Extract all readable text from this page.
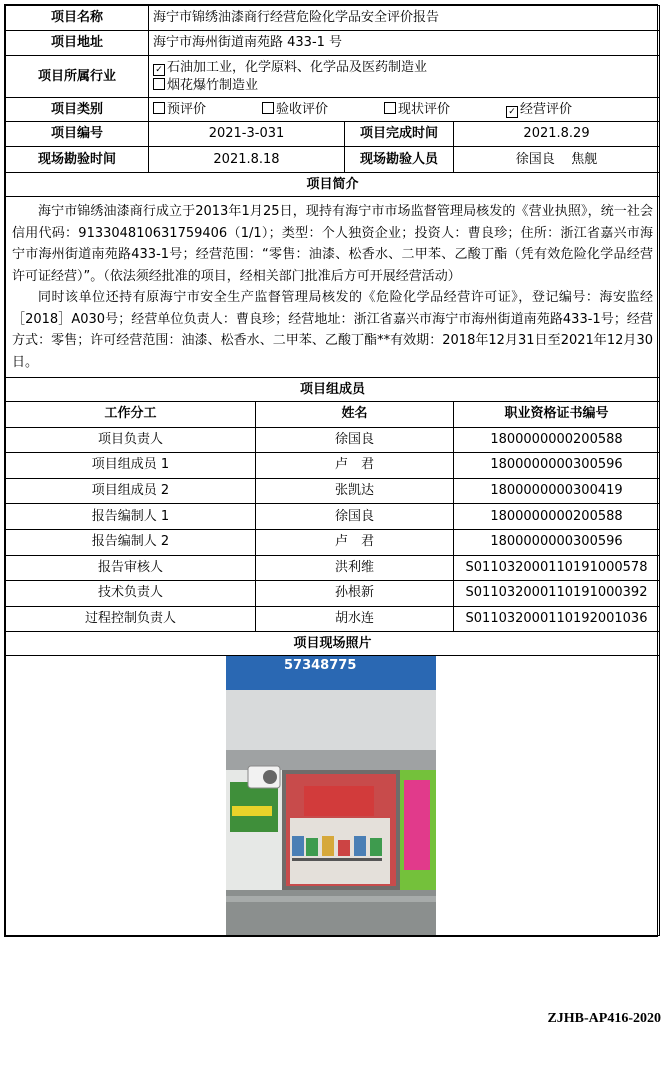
项目名称	海宁市锦绣油漆商行经营危险化学品安全评价报告			
项目地址	海宁市海州街道南苑路 433-1 号			
项目所属行业	✓ 石油加工业，化学原料、化学品及医药制造业
烟花爆竹制造业			

项目类别	预评价 验收评价 现状评价 ✓ 经营评价			
项目编号	2021-3-031		项目完成时间	2021.8.29
现场勘验时间	2021.8.18		现场勘验人员	徐国良    焦舰
项目简介				

海宁市锦绣油漆商行成立于2013年1月25日，现持有海宁市市场监督管理局核发的《营业执照》，统一社会信用代码：913304810631759406（1/1）；类型：个人独资企业；投资人：曹良珍；住所：浙江省嘉兴市海宁市海州街道南苑路433-1号；经营范围：“零售：油漆、松香水、二甲苯、乙酸丁酯（凭有效危险化学品经营许可证经营）”。（依法须经批准的项目，经相关部门批准后方可开展经营活动）

同时该单位还持有原海宁市安全生产监督管理局核发的《危险化学品经营许可证》，登记编号：海安监经［2018］A030号；经营单位负责人：曹良珍；经营地址：浙江省嘉兴市海宁市海州街道南苑路433-1号；经营方式：零售；许可经营范围：油漆、松香水、二甲苯、乙酸丁酯**有效期：2018年12月31日至2021年12月30日。				

项目组成员				
工作分工		姓名		职业资格证书编号
项目负责人		徐国良		1800000000200588
项目组成员 1		卢　君		1800000000300596
项目组成员 2		张凯达		1800000000300419
报告编制人 1		徐国良		1800000000200588
报告编制人 2		卢　君		1800000000300596
报告审核人		洪利维		S011032000110191000578
技术负责人		孙根新		S011032000110191000392
过程控制负责人		胡水连		S011032000110192001036
项目现场照片				

57348775				
ZJHB-AP416-2020
